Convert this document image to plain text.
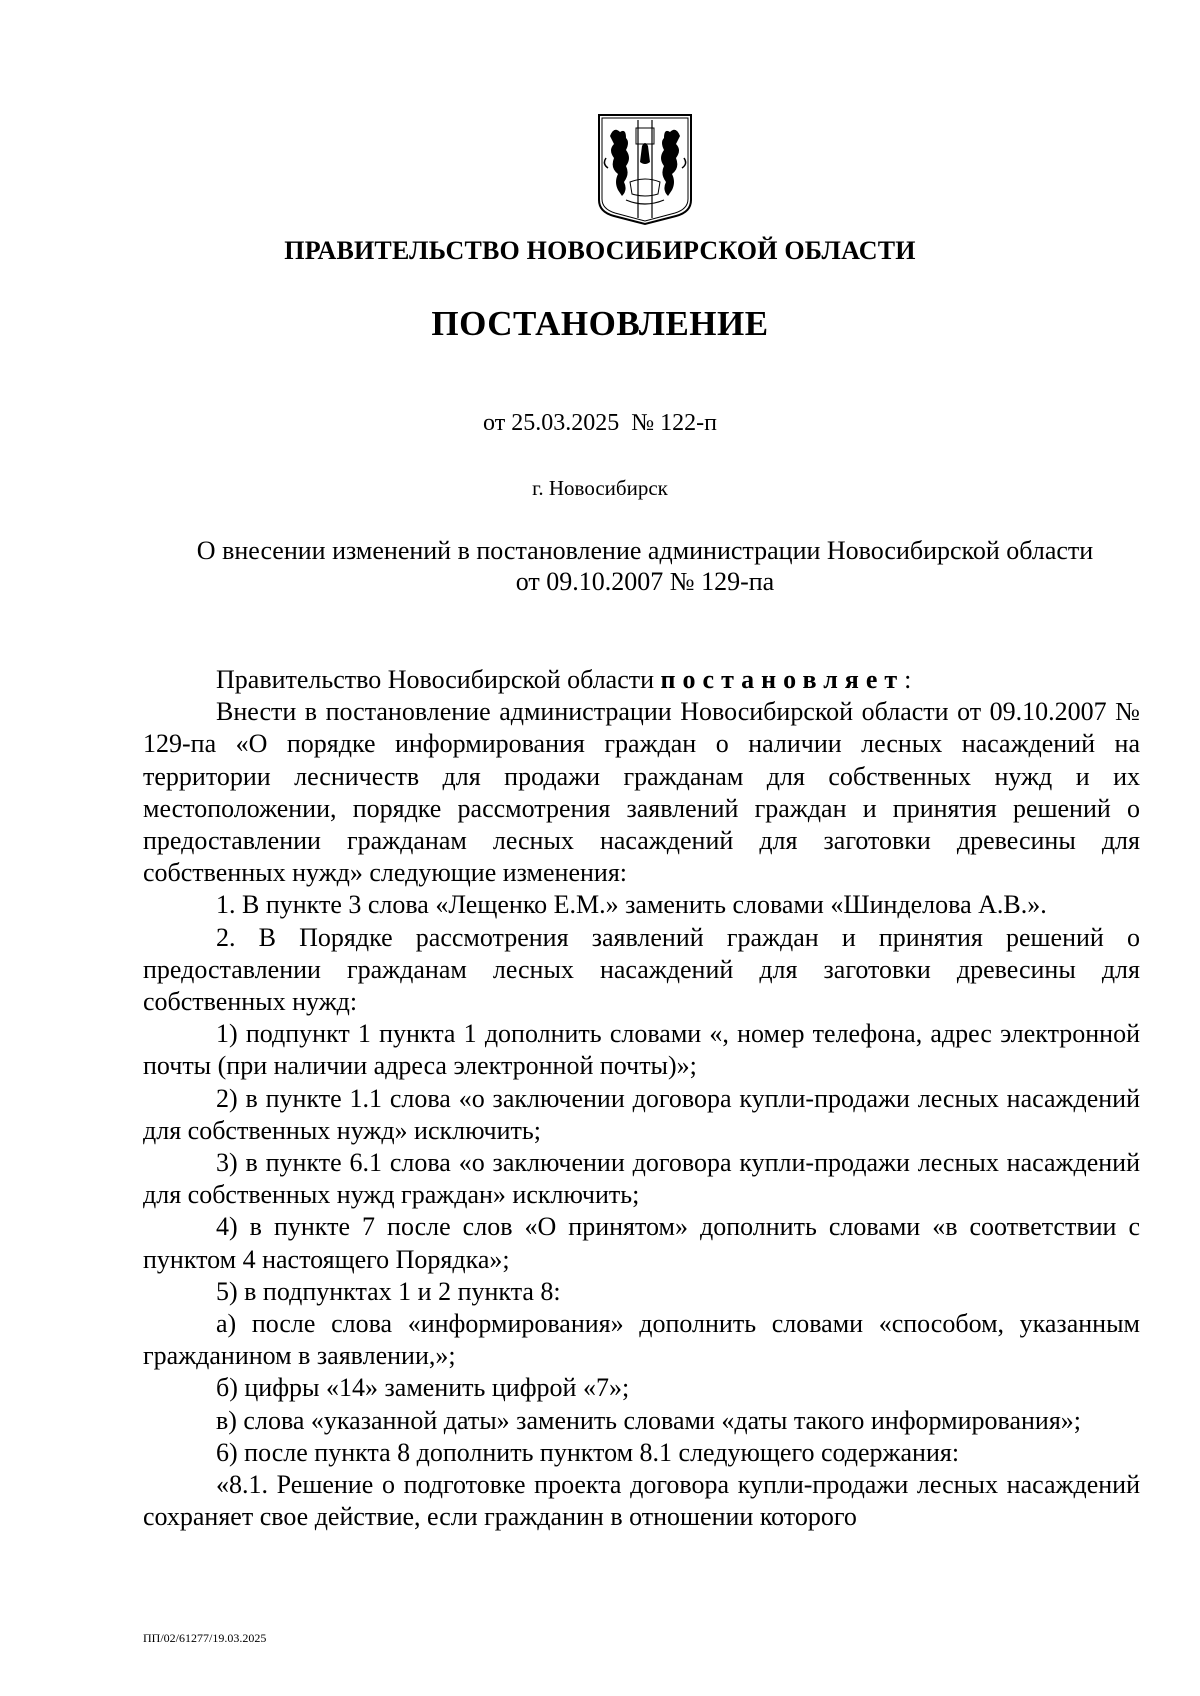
ПРАВИТЕЛЬСТВО НОВОСИБИРСКОЙ ОБЛАСТИ
ПОСТАНОВЛЕНИЕ
от 25.03.2025  № 122-п
г. Новосибирск
О внесении изменений в постановление администрации Новосибирской области
от 09.10.2007 № 129-па

Правительство Новосибирской области постановляет:

Внести в постановление администрации Новосибирской области от 09.10.2007 № 129-па «О порядке информирования граждан о наличии лесных насаждений на территории лесничеств для продажи гражданам для собственных нужд и их местоположении, порядке рассмотрения заявлений граждан и принятия решений о предоставлении гражданам лесных насаждений для заготовки древесины для собственных нужд» следующие изменения:

1. В пункте 3 слова «Лещенко Е.М.» заменить словами «Шинделова А.В.».

2. В Порядке рассмотрения заявлений граждан и принятия решений о предоставлении гражданам лесных насаждений для заготовки древесины для собственных нужд:

1) подпункт 1 пункта 1 дополнить словами «, номер телефона, адрес электронной почты (при наличии адреса электронной почты)»;

2) в пункте 1.1 слова «о заключении договора купли-продажи лесных насаждений для собственных нужд» исключить;

3) в пункте 6.1 слова «о заключении договора купли-продажи лесных насаждений для собственных нужд граждан» исключить;

4) в пункте 7 после слов «О принятом» дополнить словами «в соответствии с пунктом 4 настоящего Порядка»;

5) в подпунктах 1 и 2 пункта 8:

а) после слова «информирования» дополнить словами «способом, указанным гражданином в заявлении,»;

б) цифры «14» заменить цифрой «7»;

в) слова «указанной даты» заменить словами «даты такого информирования»;

6) после пункта 8 дополнить пунктом 8.1 следующего содержания:

«8.1. Решение о подготовке проекта договора купли-продажи лесных насаждений сохраняет свое действие, если гражданин в отношении которого

ПП/02/61277/19.03.2025
